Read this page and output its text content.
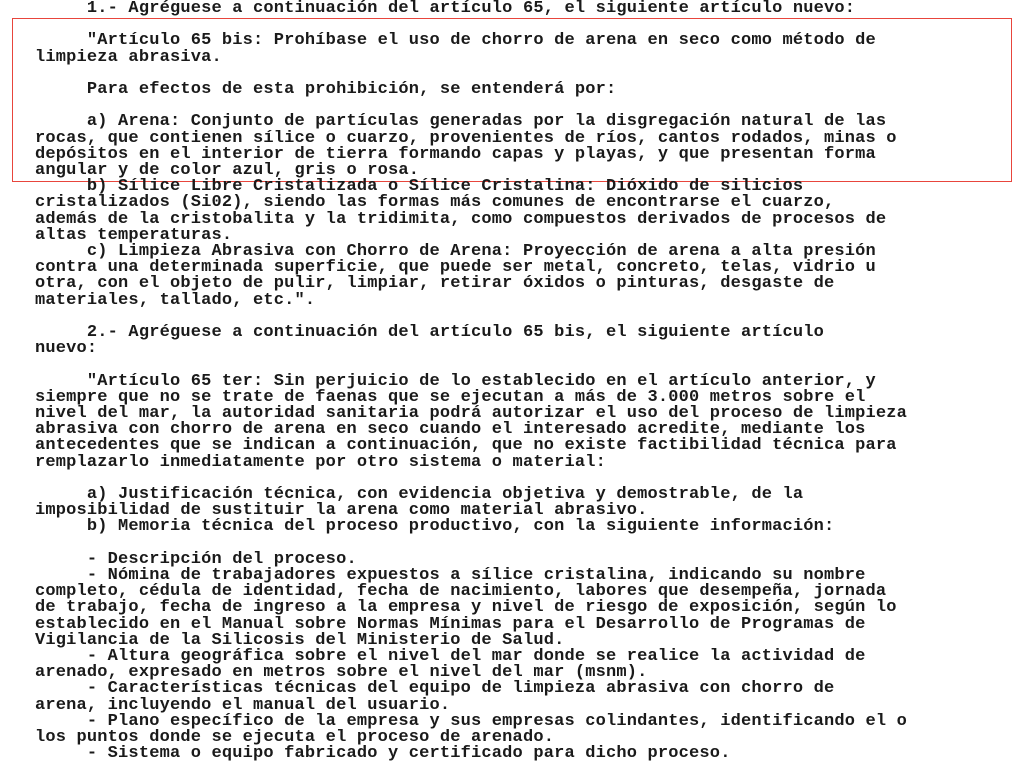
1.- Agréguese a continuación del artículo 65, el siguiente artículo nuevo:
"Artículo 65 bis: Prohíbase el uso de chorro de arena en seco como método de
limpieza abrasiva.
Para efectos de esta prohibición, se entenderá por:
a) Arena: Conjunto de partículas generadas por la disgregación natural de las
rocas, que contienen sílice o cuarzo, provenientes de ríos, cantos rodados, minas o
depósitos en el interior de tierra formando capas y playas, y que presentan forma
angular y de color azul, gris o rosa.
b) Sílice Libre Cristalizada o Sílice Cristalina: Dióxido de silicios
cristalizados (Si02), siendo las formas más comunes de encontrarse el cuarzo,
además de la cristobalita y la tridimita, como compuestos derivados de procesos de
altas temperaturas.
c) Limpieza Abrasiva con Chorro de Arena: Proyección de arena a alta presión
contra una determinada superficie, que puede ser metal, concreto, telas, vidrio u
otra, con el objeto de pulir, limpiar, retirar óxidos o pinturas, desgaste de
materiales, tallado, etc.".
2.- Agréguese a continuación del artículo 65 bis, el siguiente artículo
nuevo:
"Artículo 65 ter: Sin perjuicio de lo establecido en el artículo anterior, y
siempre que no se trate de faenas que se ejecutan a más de 3.000 metros sobre el
nivel del mar, la autoridad sanitaria podrá autorizar el uso del proceso de limpieza
abrasiva con chorro de arena en seco cuando el interesado acredite, mediante los
antecedentes que se indican a continuación, que no existe factibilidad técnica para
remplazarlo inmediatamente por otro sistema o material:
a) Justificación técnica, con evidencia objetiva y demostrable, de la
imposibilidad de sustituir la arena como material abrasivo.
b) Memoria técnica del proceso productivo, con la siguiente información:
- Descripción del proceso.
- Nómina de trabajadores expuestos a sílice cristalina, indicando su nombre
completo, cédula de identidad, fecha de nacimiento, labores que desempeña, jornada
de trabajo, fecha de ingreso a la empresa y nivel de riesgo de exposición, según lo
establecido en el Manual sobre Normas Mínimas para el Desarrollo de Programas de
Vigilancia de la Silicosis del Ministerio de Salud.
- Altura geográfica sobre el nivel del mar donde se realice la actividad de
arenado, expresado en metros sobre el nivel del mar (msnm).
- Características técnicas del equipo de limpieza abrasiva con chorro de
arena, incluyendo el manual del usuario.
- Plano específico de la empresa y sus empresas colindantes, identificando el o
los puntos donde se ejecuta el proceso de arenado.
- Sistema o equipo fabricado y certificado para dicho proceso.
